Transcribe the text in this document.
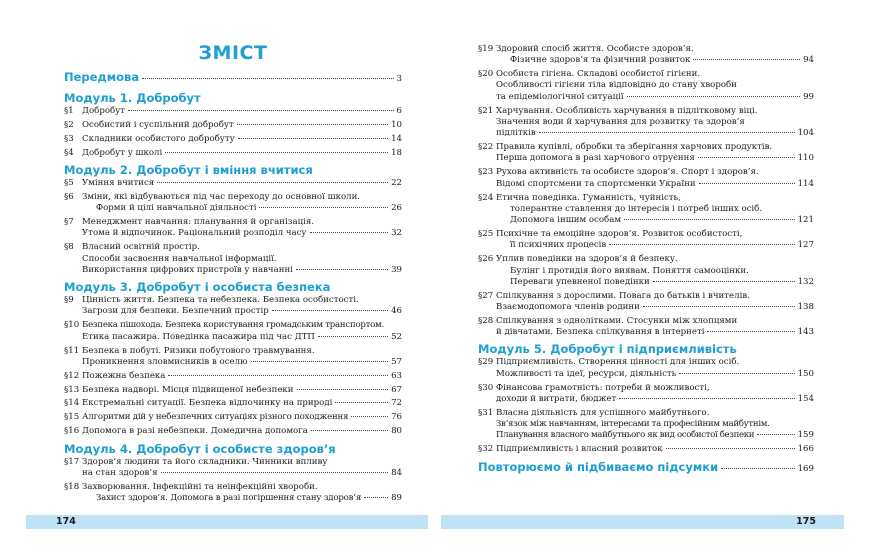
ЗМІСТ
Передмова	3
Модуль 1. Добробут
§1 Добробут	6
§2 Особистий і суспільний добробут	10
§3 Складники особистого добробуту	14
§4 Добробут у школі	18
Модуль 2. Добробут і вміння вчитися
§5 Уміння вчитися	22
§6 Зміни, які відбуваються під час переходу до основної школи.
Форми й цілі навчальної діяльності	26
§7 Менеджмент навчання: планування й організація.
Утома й відпочинок. Раціональний розподіл часу	32
§8 Власний освітній простір.
Способи засвоєння навчальної інформації.
Використання цифрових пристроїв у навчанні	39
Модуль 3. Добробут і особиста безпека
§9 Цінність життя. Безпека та небезпека. Безпека особистості.
Загрози для безпеки. Безпечний простір	46
§10 Безпека пішохода. Безпека користування громадським транспортом.
Етика пасажира. Поведінка пасажира під час ДТП	52
§11 Безпека в побуті. Ризики побутового травмування.
Проникнення зловмисників в оселю	57
§12 Пожежна безпека	63
§13 Безпека надворі. Місця підвищеної небезпеки	67
§14 Екстремальні ситуації. Безпека відпочинку на природі	72
§15 Алгоритми дій у небезпечних ситуаціях різного походження	76
§16 Допомога в разі небезпеки. Домедична допомога	80
Модуль 4. Добробут і особисте здоров’я
§17 Здоров’я людини та його складники. Чинники впливу
на стан здоров’я	84
§18 Захворювання. Інфекційні та неінфекційні хвороби.
Захист здоров’я. Допомога в разі погіршення стану здоров’я	89
§19 Здоровий спосіб життя. Особисте здоров’я.
Фізичне здоров’я та фізичний розвиток	94
§20 Особиста гігієна. Складові особистої гігієни.
Особливості гігієни тіла відповідно до стану хвороби
та епідеміологічної ситуації	99
§21 Харчування. Особливість харчування в підлітковому віці.
Значення води й харчування для розвитку та здоров’я
підлітків	104
§22 Правила купівлі, обробки та зберігання харчових продуктів.
Перша допомога в разі харчового отруєння	110
§23 Рухова активність та особисте здоров’я. Спорт і здоров’я.
Відомі спортсмени та спортсменки України	114
§24 Етична поведінка. Гуманність, чуйність,
толерантне ставлення до інтересів і потреб інших осіб.
Допомога іншим особам	121
§25 Психічне та емоційне здоров’я. Розвиток особистості,
її психічних процесів	127
§26 Уплив поведінки на здоров’я й безпеку.
Булінг і протидія його виявам. Поняття самооцінки.
Переваги упевненої поведінки	132
§27 Спілкування з дорослими. Повага до батьків і вчителів.
Взаємодопомога членів родини	138
§28 Спілкування з однолітками. Стосунки між хлопцями
й дівчатами. Безпека спілкування в інтернеті	143
Модуль 5. Добробут і підприємливість
§29 Підприємливість. Створення цінності для інших осіб.
Можливості та ідеї, ресурси, діяльність	150
§30 Фінансова грамотність: потреби й можливості,
доходи й витрати, бюджет	154
§31 Власна діяльність для успішного майбутнього.
Зв’язок між навчанням, інтересами та професійним майбутнім.
Планування власного майбутнього як вид особистої безпеки	159
§32 Підприємливість і власний розвиток	166
Повторюємо й підбиваємо підсумки	169
174	175
